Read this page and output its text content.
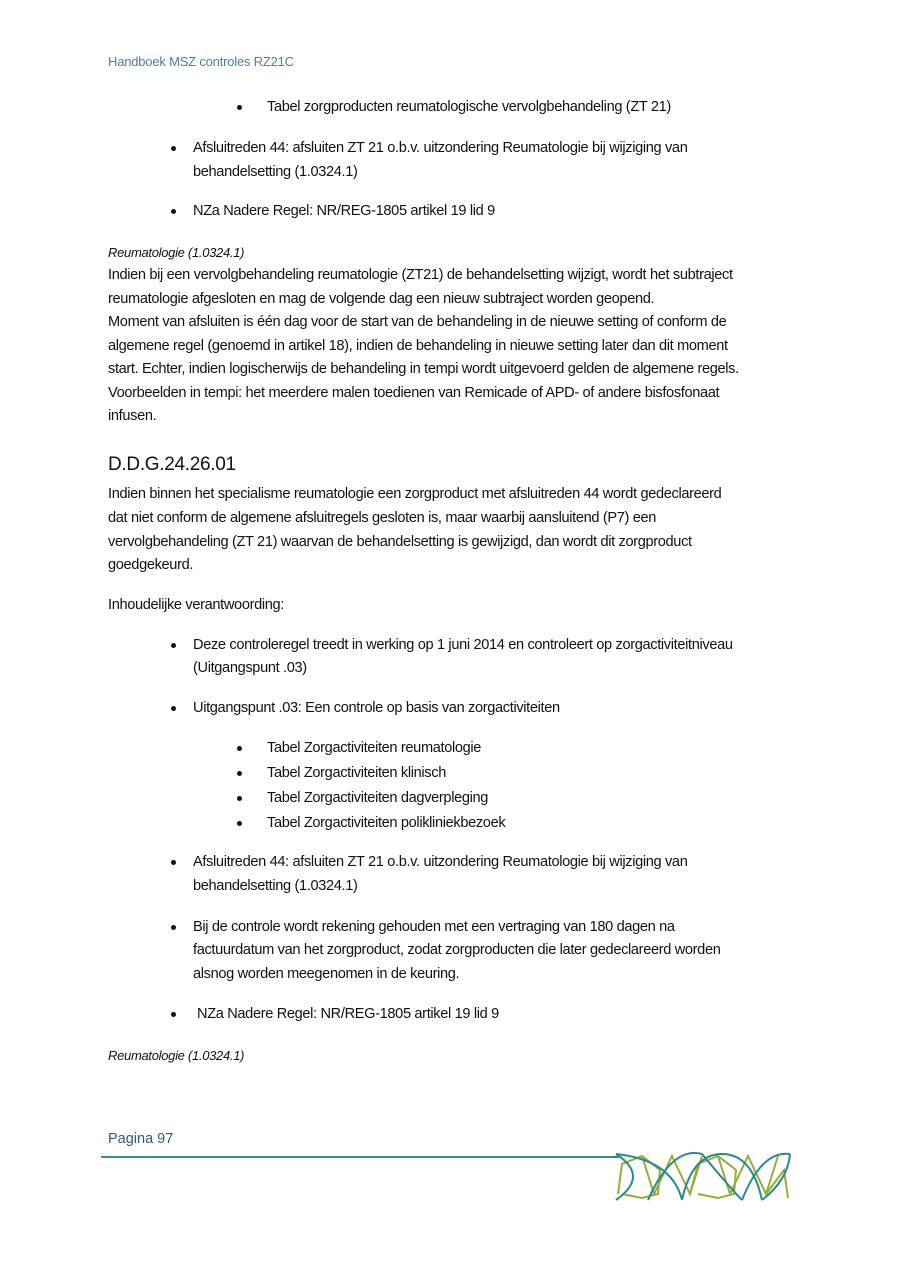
Handboek MSZ controles RZ21C
Tabel zorgproducten reumatologische vervolgbehandeling (ZT 21)
Afsluitreden 44: afsluiten ZT 21 o.b.v. uitzondering Reumatologie bij wijziging van
behandelsetting (1.0324.1)
NZa Nadere Regel: NR/REG-1805 artikel 19 lid 9
Reumatologie (1.0324.1)
Indien bij een vervolgbehandeling reumatologie (ZT21) de behandelsetting wijzigt, wordt het subtraject
reumatologie afgesloten en mag de volgende dag een nieuw subtraject worden geopend.
Moment van afsluiten is één dag voor de start van de behandeling in de nieuwe setting of conform de
algemene regel (genoemd in artikel 18), indien de behandeling in nieuwe setting later dan dit moment
start. Echter, indien logischerwijs de behandeling in tempi wordt uitgevoerd gelden de algemene regels.
Voorbeelden in tempi: het meerdere malen toedienen van Remicade of APD- of andere bisfosfonaat
infusen.
D.D.G.24.26.01
Indien binnen het specialisme reumatologie een zorgproduct met afsluitreden 44 wordt gedeclareerd
dat niet conform de algemene afsluitregels gesloten is, maar waarbij aansluitend (P7) een
vervolgbehandeling (ZT 21) waarvan de behandelsetting is gewijzigd, dan wordt dit zorgproduct
goedgekeurd.
Inhoudelijke verantwoording:
Deze controleregel treedt in werking op 1 juni 2014 en controleert op zorgactiviteitniveau
(Uitgangspunt .03)
Uitgangspunt .03: Een controle op basis van zorgactiviteiten
Tabel Zorgactiviteiten reumatologie
Tabel Zorgactiviteiten klinisch
Tabel Zorgactiviteiten dagverpleging
Tabel Zorgactiviteiten polikliniekbezoek
Afsluitreden 44: afsluiten ZT 21 o.b.v. uitzondering Reumatologie bij wijziging van
behandelsetting (1.0324.1)
Bij de controle wordt rekening gehouden met een vertraging van 180 dagen na
factuurdatum van het zorgproduct, zodat zorgproducten die later gedeclareerd worden
alsnog worden meegenomen in de keuring.
NZa Nadere Regel: NR/REG-1805 artikel 19 lid 9
Reumatologie (1.0324.1)
Pagina 97
